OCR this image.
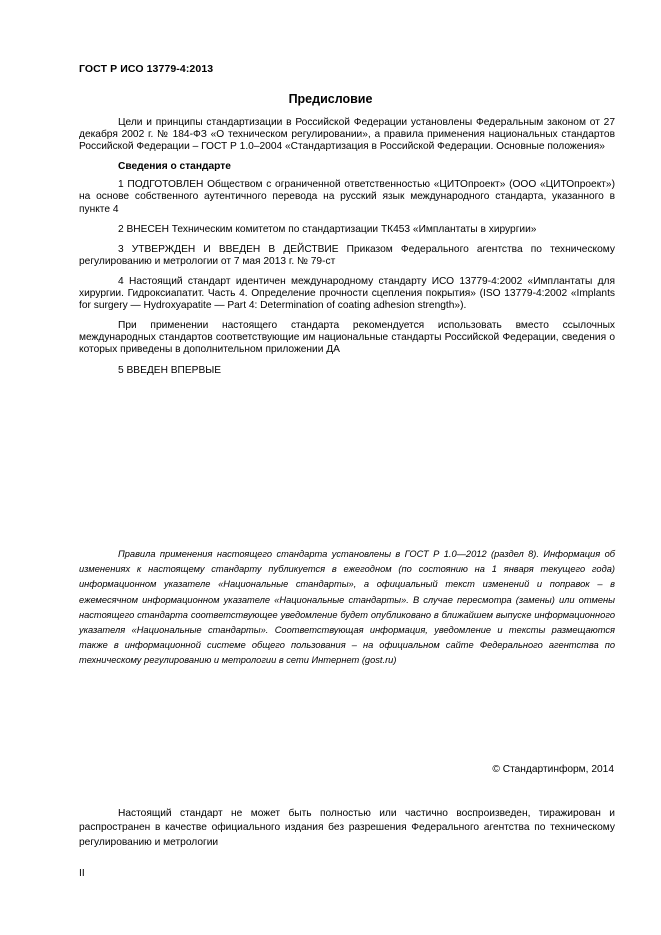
ГОСТ Р ИСО 13779-4:2013
Предисловие

Цели и принципы стандартизации в Российской Федерации установлены Федеральным законом от 27 декабря 2002 г. № 184-ФЗ «О техническом регулировании», а правила применения национальных стандартов Российской Федерации – ГОСТ Р 1.0–2004 «Стандартизация в Российской Федерации. Основные положения»

Сведения о стандарте

1 ПОДГОТОВЛЕН Обществом с ограниченной ответственностью «ЦИТОпроект» (ООО «ЦИТОпроект») на основе собственного аутентичного перевода на русский язык международного стандарта, указанного в пункте 4

2 ВНЕСЕН Техническим комитетом по стандартизации ТК453 «Имплантаты в хирургии»

3 УТВЕРЖДЕН И ВВЕДЕН В ДЕЙСТВИЕ Приказом Федерального агентства по техническому регулированию и метрологии от 7 мая 2013 г. № 79-ст

4 Настоящий стандарт идентичен международному стандарту ИСО 13779-4:2002 «Имплантаты для хирургии. Гидроксиапатит. Часть 4. Определение прочности сцепления покрытия» (ISO 13779-4:2002 «Implants for surgery — Hydroxyapatite — Part 4: Determination of coating adhesion strength»).

При применении настоящего стандарта рекомендуется использовать вместо ссылочных международных стандартов соответствующие им национальные стандарты Российской Федерации, сведения о которых приведены в дополнительном приложении ДА

5 ВВЕДЕН ВПЕРВЫЕ

Правила применения настоящего стандарта установлены в ГОСТ Р 1.0—2012 (раздел 8). Информация об изменениях к настоящему стандарту публикуется в ежегодном (по состоянию на 1 января текущего года) информационном указателе «Национальные стандарты», а официальный текст изменений и поправок – в ежемесячном информационном указателе «Национальные стандарты». В случае пересмотра (замены) или отмены настоящего стандарта соответствующее уведомление будет опубликовано в ближайшем выпуске информационного указателя «Национальные стандарты». Соответствующая информация, уведомление и тексты размещаются также в информационной системе общего пользования – на официальном сайте Федерального агентства по техническому регулированию и метрологии в сети Интернет (gost.ru)
© Стандартинформ, 2014
Настоящий стандарт не может быть полностью или частично воспроизведен, тиражирован и распространен в качестве официального издания без разрешения Федерального агентства по техническому регулированию и метрологии
II
